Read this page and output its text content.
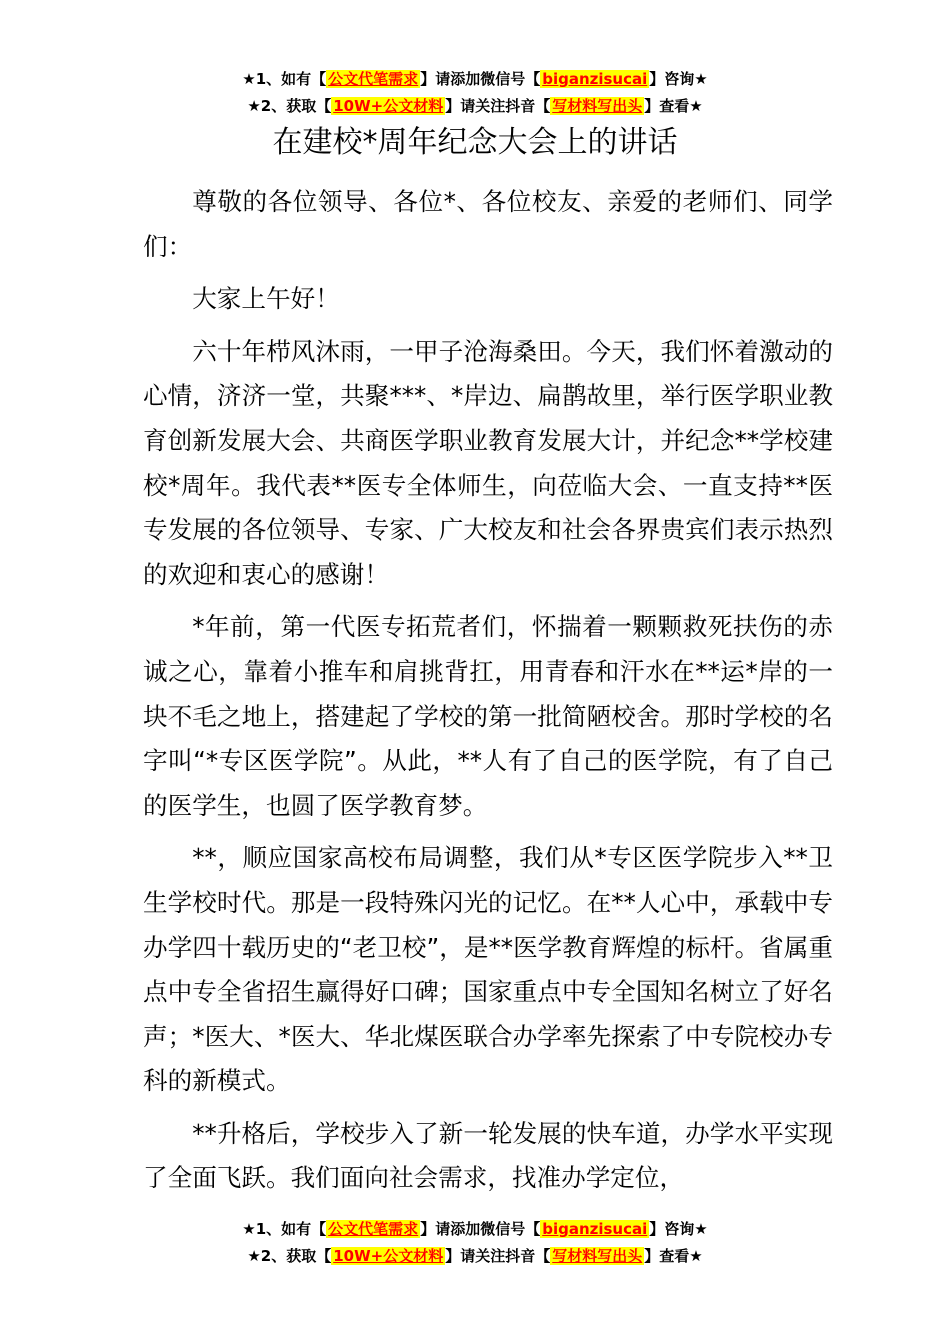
★1、如有【 公文代笔需求 】请添加微信号【 biganzisucai 】咨询★
★2、获取【 10W+公文材料 】请关注抖音【 写材料写出头 】查看★
在建校*周年纪念大会上的讲话

尊敬的各位领导、各位*、各位校友、亲爱的老师们、同学们：

大家上午好！

六十年栉风沐雨，一甲子沧海桑田。今天，我们怀着激动的心情，济济一堂，共聚***、*岸边、扁鹊故里，举行医学职业教育创新发展大会、共商医学职业教育发展大计，并纪念**学校建校*周年。我代表**医专全体师生，向莅临大会、一直支持**医专发展的各位领导、专家、广大校友和社会各界贵宾们表示热烈的欢迎和衷心的感谢！

*年前，第一代医专拓荒者们，怀揣着一颗颗救死扶伤的赤诚之心，靠着小推车和肩挑背扛，用青春和汗水在**运*岸的一块不毛之地上，搭建起了学校的第一批简陋校舍。那时学校的名字叫“*专区医学院”。从此，**人有了自己的医学院，有了自己的医学生，也圆了医学教育梦。

**，顺应国家高校布局调整，我们从*专区医学院步入**卫生学校时代。那是一段特殊闪光的记忆。在**人心中，承载中专办学四十载历史的“老卫校”，是**医学教育辉煌的标杆。省属重点中专全省招生赢得好口碑；国家重点中专全国知名树立了好名声；*医大、*医大、华北煤医联合办学率先探索了中专院校办专科的新模式。

**升格后，学校步入了新一轮发展的快车道，办学水平实现了全面飞跃。我们面向社会需求，找准办学定位，

★1、如有【 公文代笔需求 】请添加微信号【 biganzisucai 】咨询★
★2、获取【 10W+公文材料 】请关注抖音【 写材料写出头 】查看★
